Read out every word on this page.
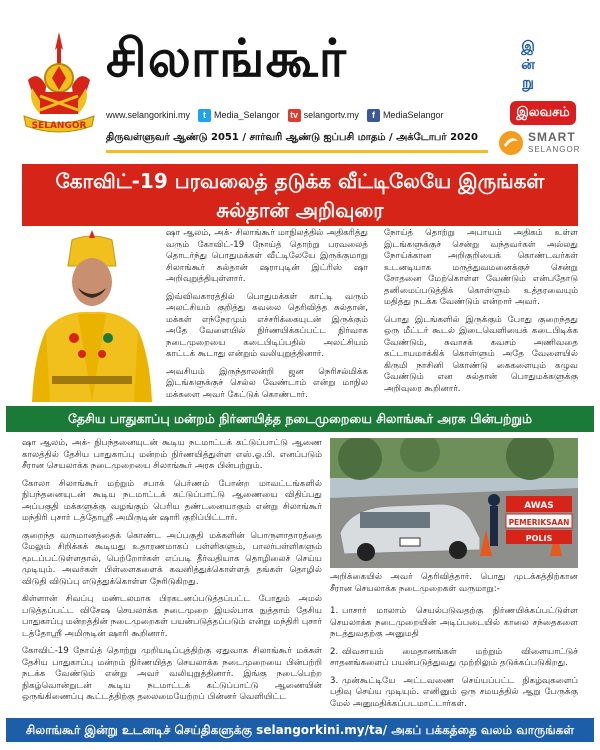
SELANGOR
சிலாங்கூர்	இ
ன்
று
www.selangorkini.my	t Media_Selangor tv selangortv.my	f MediaSelangor	இலவசம்
திருவள்ளுவர் ஆண்டு 2051 / சார்வரி ஆண்டு ஐப்பசி மாதம் / அக்டோபர் 2020	SMART
SELANGOR
கோவிட்-19 பரவலைத் தடுக்க வீட்டிலேயே இருங்கள்
சுல்தான் அறிவுரை

ஷா ஆலம், அக்- சிலாங்கூர் மாநிலத்தில் அதிகரித்து வரும் கோவிட்-19 நோய்த் தொற்று பரவலைத் தொடர்ந்து பொதுமக்கள் வீட்டிலேயே இருக்குமாறு சிலாங்கூர் சுல்தான் ஷராபுடின் இட்ரிஸ் ஷா அறிவுறுத்தியுள்ளார்.

இவ்விவகாரத்தில் பொதுமக்கள் காட்டி வரும் அலட்சியம் குறித்து கவலை தெரிவித்த சுல்தான், மக்கள் எந்நேரமும் எச்சரிக்கையுடன் இருக்கும் அதே வேளையில் நிர்ணயிக்கப்பட்ட நிர்வாக நடைமுறையை கடைபிடிப்பதில் அலட்சியம் காட்டக் கூடாது என்றும் வலியுறுத்தினார்.

அவசியம் இருந்தாலன்றி ஜன நெரிசல்மிக்க இடங்களுக்குச் செல்ல வேண்டாம் என்று மாநில மக்களை அவர் கேட்டுக் கொண்டார்.

நோய்த் தொற்று அபாயம் அதிகம் உள்ள இடங்களுக்குச் சென்று வந்தவர்கள் அல்லது நோய்க்கான அறிகுறியைக் கொண்டவர்கள் உடனடியாக மருத்துவமனைக்குச் சென்று சோதனை மேற்கொள்ள வேண்டும் என்பதோடு தனிமைப்படுத்திக் கொள்ளும் உத்தரவையும் மதித்து நடக்க வேண்டும் என்றார் அவர்.

பொது இடங்களில் இருக்கும் போது குறைந்தது ஒரு மீட்டர் கூடல் இடைவெளியைக் கடைபிடிக்க வேண்டும், சுவாசக் கவசம் அணிவதை கட்டாயமாக்கிக் கொள்ளும் அதே வேளையில் கிருமி நாசினி கொண்டு கைகளையும் கழுவ வேண்டும் என சுல்தான் பொதுமக்களுக்கு அறிவுரை கூறினார்.

தேசிய பாதுகாப்பு மன்றம் நிர்ணயித்த நடைமுறையை சிலாங்கூர் அரசு பின்பற்றும்

ஷா ஆலம், அக்- நிபந்தனையுடன் கூடிய நடமாட்டக் கட்டுப்பாட்டு ஆணை காலத்தில் தேசிய பாதுகாப்பு மன்றம் நிர்ணயித்துள்ள எஸ்.ஓ.பி. எனப்படும் சீரான செயலாக்க நடைமுறையை சிலாங்கூர் அரசு பின்பற்றும்.

கோலா சிலாங்கூர் மற்றும் சபாக் பெர்ணம் போன்ற மாவட்டங்களில் நிபந்தனையுடன் கூடிய நடமாட்டக் கட்டுப்பாட்டு ஆணையை விதிப்பது அப்பகுதி மக்களுக்கு வழங்கும் பெரிய தண்டனையாகும் என்று சிலாங்கூர் மந்திரி புசார் டத்தோஸ்ரீ அமிருடின் ஷாரி குறிப்பிட்டார்.

குறைந்த வருமானத்தைக் கொண்ட அப்பகுதி மக்களின் பொருளாதாரத்தை மேலும் சிறிக்கக் கூடியது உதாரணமாகப் பள்ளிகளும், பாலர்பள்ளிகளும் மூடப்பட்டுள்ளதால், பெற்றோர்கள் எப்படி தீர்வதியாக தொழிலைச் செய்ய முடியும். அவர்கள் பிள்ளைகளைக் கவனித்துக்கொள்ளத் தங்கள் தொழில் விடுதி விடுப்பு எடுத்துக்கொள்ள நேரிடுகிறது.

கிள்ளான் சிவப்பு மண்டலமாக பிரகடனப்படுத்தப்பட்ட போதும் அமல் படுத்தப்பட்ட விசேஷ செயலாக்க நடைமுறை இயல்பாக நுத்தாம் தேசிய பாதுகாப்பு மன்றத்தின் நடைமுறைகள் பயன்படுத்தப்படும் என்று மந்திரி புசார் டத்தோஸ்ரீ அமிருடின் ஷாரி கூறினார்.

கோவிட்-19 நோய்த் தொற்று முறியடிப்புத்திற்கு ஏதுவாக சிலாங்கூர் மக்கள் தேசிய பாதுகாப்பு மன்றம் நிர்ணயித்த செயலாக்க நடைமுறையை பின்பற்றி நடக்க வேண்டும் என்று அவர் வலியுறுத்தினார். இங்கு நடைபெற்ற நிகழ்வொன்றுடன் கூடிய நடமாட்டக் கட்டுப்பாட்டு ஆணையின் ஒருங்கிணைப்பு கூட்டத்திற்கு தலைமையேற்றப் பின்னர் வெளியிட்ட

AWAS
PEMERIKSAAN
POLIS

அறிக்கையில் அவர் தெரிவித்தார். பொது முடக்கத்திற்கான சீரான செயலாக்க நடைமுறைகள் வருமாறு:-

1. பாசார் மாலாம் செயல்படுவதற்கு நிர்ணயிக்கப்பட்டுள்ள செயலாக்க நடைமுறையின் அடிப்படையில் காலை சந்தைகளை நடத்துவதற்கு அனுமதி

2. விவசாயம் மைதானங்கள் மற்றும் விளையாட்டுச் சாதனங்களைப் பயன்படுத்துவது முற்றிலும் தடுக்கப்படுகிறது.

3. முன்கூட்டியே அட்டவணை செய்யப்பட்ட நிகழ்வுகளைப் பதிவு செய்ய முடியும். எனினும் ஒரு சமயத்தில் ஆறு பேருக்கு மேல் அனுமதிக்கப்படமாட்டார்கள்.

சிலாங்கூர் இன்று உடனடிச் செய்திகளுக்கு selangorkini.my/ta/ அகப் பக்கத்தை வலம் வாருங்கள்
